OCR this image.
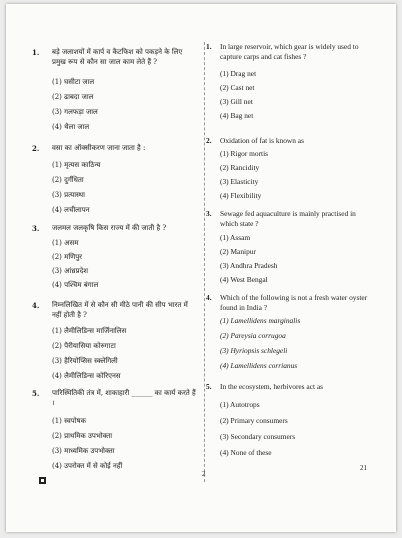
1. बड़े जलाशयों में कार्प व कैटफिश को पकड़ने के लिए प्रमुख रूप से कौन सा जाल काम लेते हैं ?
(1) घसीटा जाल
(2) ढाबदा जाल
(3) गलफड़ा जाल
(4) थैला जाल
2. वसा का ऑक्सीकरण जाना जाता है :
(1) मृत्यस काठिन्य
(2) दुर्गंधिता
(3) प्रत्यास्था
(4) लचीलापन
3. जलमल जलकृषि किस राज्य में की जाती है ?
(1) असम
(2) मणिपुर
(3) आंध्रप्रदेश
(4) पश्चिम बंगाल
4. निम्नलिखित में से कौन सी मीठे पानी की सीप भारत में नहीं होती है ?
(1) लैमीलिडिन्स मार्जिनालिस
(2) पैरीयासिया कोरुगाटा
(3) हैरियोप्सिस स्क्लेगिली
(4) लैमीलिडिन्स कोरिएनस
5. पारिस्थितिकी तंत्र में, शाकाहारी ______ का कार्य करते हैं ।
(1) स्वपोषक
(2) प्राथमिक उपभोक्ता
(3) माध्यमिक उपभोक्ता
(4) उपरोक्त में से कोई नहीं
2
1. In large reservoir, which gear is widely used to capture carps and cat fishes ?
(1) Drag net
(2) Cast net
(3) Gill net
(4) Bag net
2. Oxidation of fat is known as
(1) Rigor mortis
(2) Rancidity
(3) Elasticity
(4) Flexibility
3. Sewage fed aquaculture is mainly practised in which state ?
(1) Assam
(2) Manipur
(3) Andhra Pradesh
(4) West Bengal
4. Which of the following is not a fresh water oyster found in India ?
(1) Lamellidens marginalis
(2) Pareysia corrugoa
(3) Hyriopsis schlegeli
(4) Lamellidens corrianus
5. In the ecosystem, herbivores act as
(1) Autotrops
(2) Primary consumers
(3) Secondary consumers
(4) None of these
21
